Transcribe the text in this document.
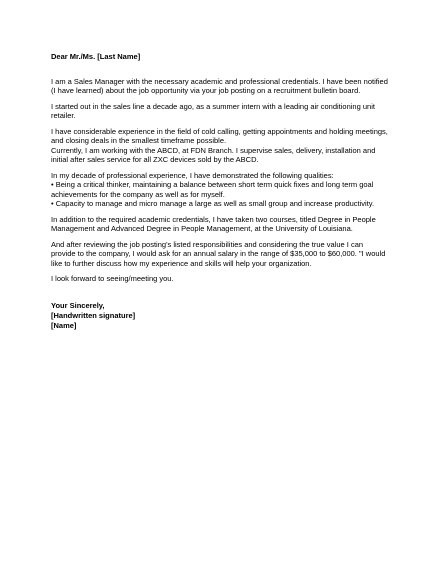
Dear Mr./Ms. [Last Name]

I am a Sales Manager with the necessary academic and professional credentials. I have been notified (I have learned) about the job opportunity via your job posting on a recruitment bulletin board.

I started out in the sales line a decade ago, as a summer intern with a leading air conditioning unit retailer.

I have considerable experience in the field of cold calling, getting appointments and holding meetings, and closing deals in the smallest timeframe possible.

Currently, I am working with the ABCD, at FDN Branch. I supervise sales, delivery, installation and initial after sales service for all ZXC devices sold by the ABCD.

In my decade of professional experience, I have demonstrated the following qualities:

• Being a critical thinker, maintaining a balance between short term quick fixes and long term goal achievements for the company as well as for myself.

• Capacity to manage and micro manage a large as well as small group and increase productivity.

In addition to the required academic credentials, I have taken two courses, titled Degree in People Management and Advanced Degree in People Management, at the University of Louisiana.

And after reviewing the job posting's listed responsibilities and considering the true value I can provide to the company, I would ask for an annual salary in the range of $35,000 to $60,000. "I would like to further discuss how my experience and skills will help your organization.

I look forward to seeing/meeting you.

Your Sincerely,
[Handwritten signature]
[Name]
